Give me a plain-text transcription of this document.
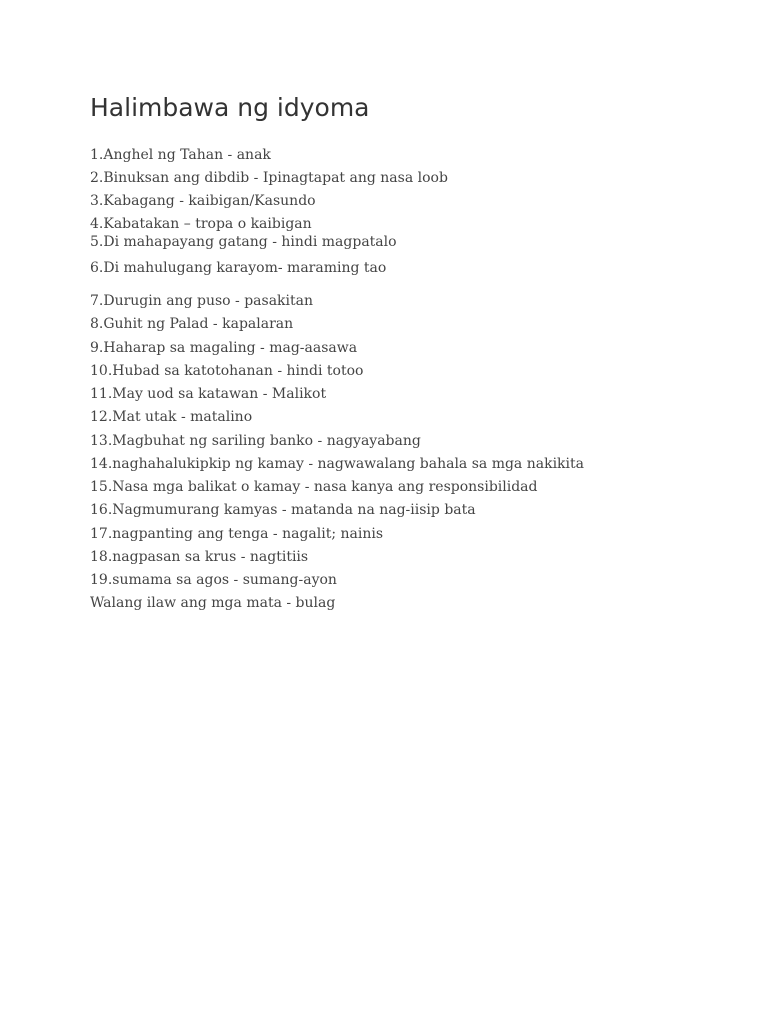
Halimbawa ng idyoma

1.Anghel ng Tahan - anak

2.Binuksan ang dibdib - Ipinagtapat ang nasa loob

3.Kabagang - kaibigan/Kasundo

4.Kabatakan – tropa o kaibigan

5.Di mahapayang gatang - hindi magpatalo

6.Di mahulugang karayom- maraming tao

7.Durugin ang puso - pasakitan

8.Guhit ng Palad - kapalaran

9.Haharap sa magaling - mag-aasawa

10.Hubad sa katotohanan - hindi totoo

11.May uod sa katawan - Malikot

12.Mat utak - matalino

13.Magbuhat ng sariling banko - nagyayabang

14.naghahalukipkip ng kamay - nagwawalang bahala sa mga nakikita

15.Nasa mga balikat o kamay - nasa kanya ang responsibilidad

16.Nagmumurang kamyas - matanda na nag-iisip bata

17.nagpanting ang tenga - nagalit; nainis

18.nagpasan sa krus - nagtitiis

19.sumama sa agos - sumang-ayon

Walang ilaw ang mga mata - bulag
